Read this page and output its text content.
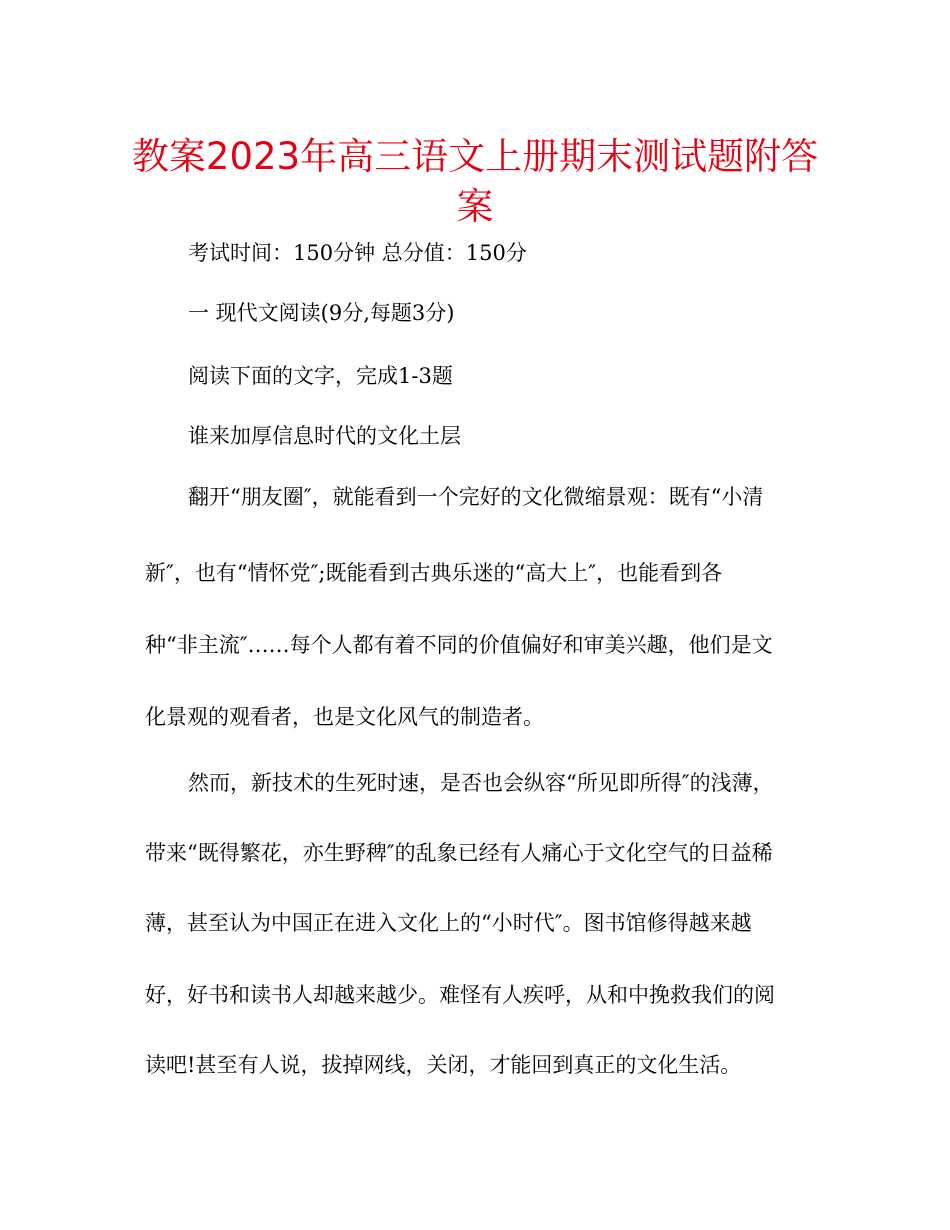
教案2023年高三语文上册期末测试题附答案

考试时间：150分钟 总分值：150分

一 现代文阅读(9分,每题3分)

阅读下面的文字，完成1-3题

谁来加厚信息时代的文化土层

翻开“朋友圈″，就能看到一个完好的文化微缩景观：既有“小清

新″，也有“情怀党″;既能看到古典乐迷的“高大上″，也能看到各

种“非主流″……每个人都有着不同的价值偏好和审美兴趣，他们是文

化景观的观看者，也是文化风气的制造者。

然而，新技术的生死时速，是否也会纵容“所见即所得″的浅薄，

带来“既得繁花，亦生野稗″的乱象已经有人痛心于文化空气的日益稀

薄，甚至认为中国正在进入文化上的“小时代″。图书馆修得越来越

好，好书和读书人却越来越少。难怪有人疾呼，从和中挽救我们的阅

读吧!甚至有人说，拔掉网线，关闭，才能回到真正的文化生活。
